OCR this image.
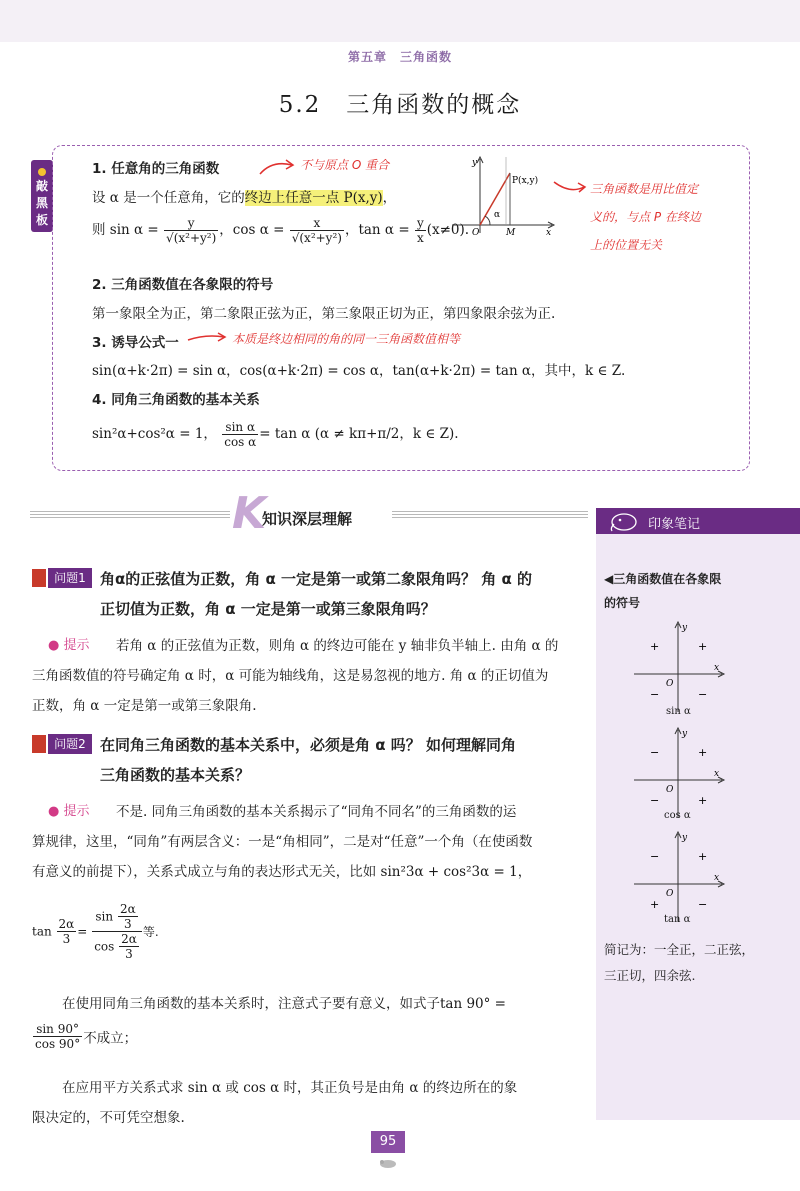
第五章　三角函数
5.2　三角函数的概念
敲黑板
1. 任意角的三角函数	不与原点 O 重合
设 α 是一个任意角，它的终边上任意一点 P(x,y)，
则 $\sin \alpha = \frac{y}{\text{√(x²+y²)}}$ ，$\cos \alpha = \frac{x}{\text{√(x²+y²)}}$ ，$\tan \alpha = \frac{y}{x} (x\ne 0)$.
y
P(x,y)
α
O	M	x
三角函数是用比值定
义的，与点 P 在终边
上的位置无关
2. 三角函数值在各象限的符号
第一象限全为正，第二象限正弦为正，第三象限正切为正，第四象限余弦为正.
3. 诱导公式一	本质是终边相同的角的同一三角函数值相等
sin(α+k·2π) = sin α，cos(α+k·2π) = cos α，tan(α+k·2π) = tan α，其中，k ∈ Z.
4. 同角三角函数的基本关系
sin²α+cos²α = 1， $\frac{\text{sin α}}{\text{cos α}} = \tan \alpha$ (α ≠ kπ+π/2，k ∈ Z).
K
知识深层理解
问题1 角α的正弦值为正数，角 α 一定是第一或第二象限角吗？ 角 α 的
正切值为正数，角 α 一定是第一或第三象限角吗？
● 提示 若角 α 的正弦值为正数，则角 α 的终边可能在 y 轴非负半轴上. 由角 α 的
三角函数值的符号确定角 α 时，α 可能为轴线角，这是易忽视的地方. 角 α 的正切值为
正数，角 α 一定是第一或第三象限角.
问题2 在同角三角函数的基本关系中，必须是角 α 吗？ 如何理解同角
三角函数的基本关系？
● 提示 不是. 同角三角函数的基本关系揭示了“同角不同名”的三角函数的运
算规律，这里，“同角”有两层含义：一是“角相同”，二是对“任意”一个角（在使函数
有意义的前提下），关系式成立与角的表达形式无关，比如 sin²3α + cos²3α = 1，
$\tan \frac{2\alpha}{3} = \frac{\sin \frac{2\alpha}{3}}{\cos \frac{2\alpha}{3}}$ 等.
在使用同角三角函数的基本关系时，注意式子要有意义，如式子tan 90° =
$\frac{\sin 90^\circ}{\cos 90^\circ}$ 不成立；
在应用平方关系式求 sin α 或 cos α 时，其正负号是由角 α 的终边所在的象
限决定的，不可凭空想象.
印象笔记
◀三角函数值在各象限
的符号
y
x
O
+	+
−	−
sin α
y
x
O
−	+
−	+
cos α
y
x
O
−	+
+	−
tan α
简记为：一全正，二正弦，
三正切，四余弦.
95
